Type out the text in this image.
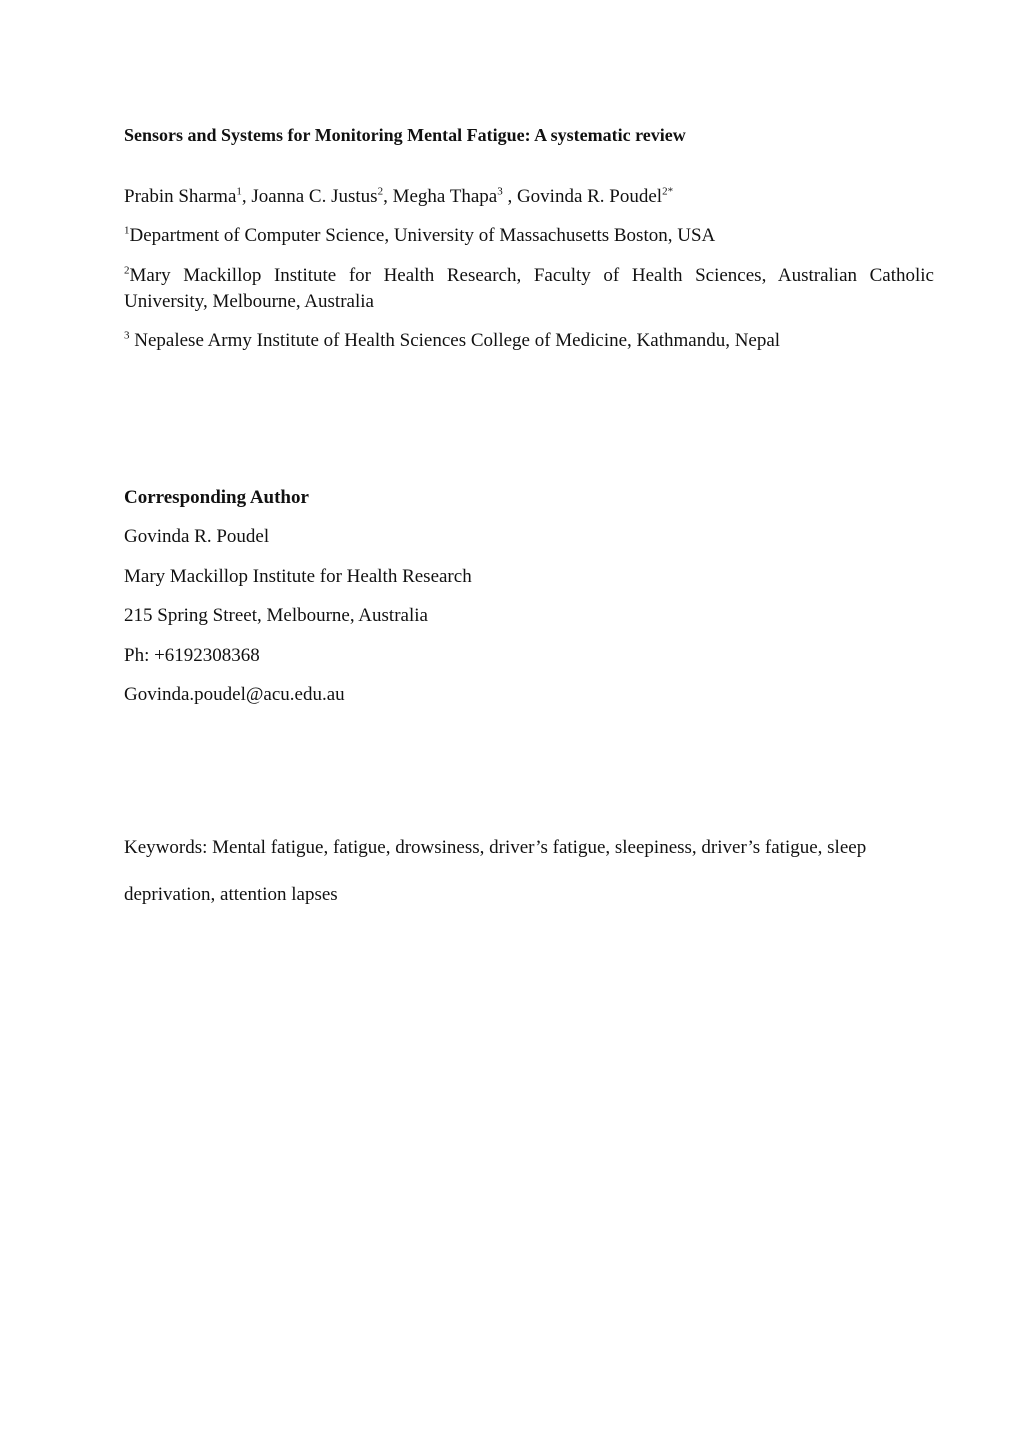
Sensors and Systems for Monitoring Mental Fatigue: A systematic review
Prabin Sharma$^1$, Joanna C. Justus$^2$, Megha Thapa$^3$ , Govinda R. Poudel$^{2*}$
$^1$Department of Computer Science, University of Massachusetts Boston, USA
$^2$Mary Mackillop Institute for Health Research, Faculty of Health Sciences, Australian Catholic University, Melbourne, Australia
$^3$ Nepalese Army Institute of Health Sciences College of Medicine, Kathmandu, Nepal
Corresponding Author
Govinda R. Poudel
Mary Mackillop Institute for Health Research
215 Spring Street, Melbourne, Australia
Ph: +6192308368
Govinda.poudel@acu.edu.au
Keywords: Mental fatigue, fatigue, drowsiness, driver’s fatigue, sleepiness, driver’s fatigue, sleep deprivation, attention lapses
